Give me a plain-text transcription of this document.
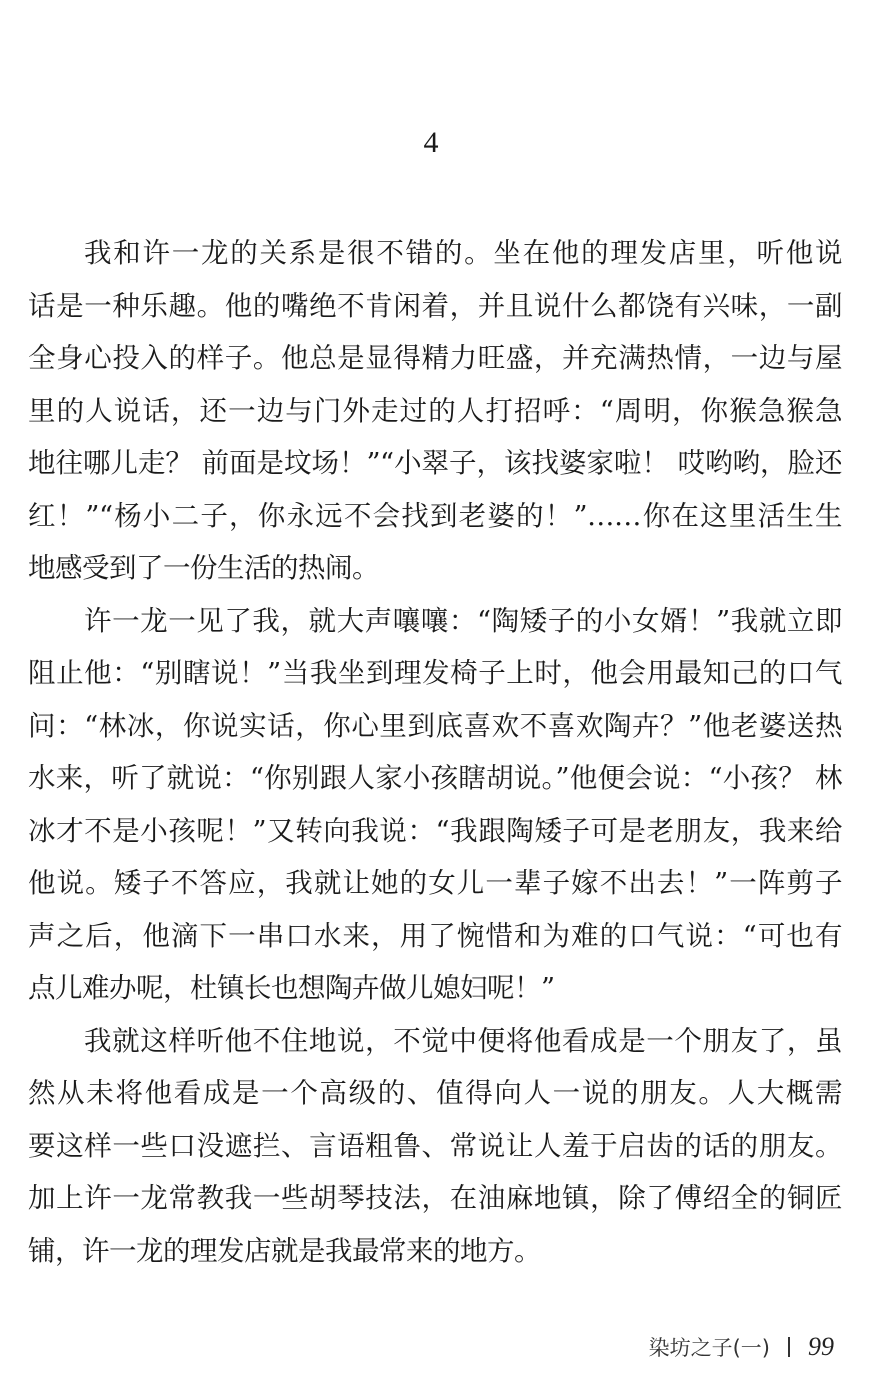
4
我和许一龙的关系是很不错的。坐在他的理发店里，听他说
话是一种乐趣。他的嘴绝不肯闲着，并且说什么都饶有兴味，一副
全身心投入的样子。他总是显得精力旺盛，并充满热情，一边与屋
里的人说话，还一边与门外走过的人打招呼：“周明，你猴急猴急
地往哪儿走？ 前面是坟场！”“小翠子，该找婆家啦！ 哎哟哟，脸还
红！”“杨小二子，你永远不会找到老婆的！”……你在这里活生生
地感受到了一份生活的热闹。
许一龙一见了我，就大声嚷嚷：“陶矮子的小女婿！”我就立即
阻止他：“别瞎说！”当我坐到理发椅子上时，他会用最知己的口气
问：“林冰，你说实话，你心里到底喜欢不喜欢陶卉？”他老婆送热
水来，听了就说：“你别跟人家小孩瞎胡说。”他便会说：“小孩？ 林
冰才不是小孩呢！”又转向我说：“我跟陶矮子可是老朋友，我来给
他说。矮子不答应，我就让她的女儿一辈子嫁不出去！”一阵剪子
声之后，他滴下一串口水来，用了惋惜和为难的口气说：“可也有
点儿难办呢，杜镇长也想陶卉做儿媳妇呢！”
我就这样听他不住地说，不觉中便将他看成是一个朋友了，虽
然从未将他看成是一个高级的、值得向人一说的朋友。人大概需
要这样一些口没遮拦、言语粗鲁、常说让人羞于启齿的话的朋友。
加上许一龙常教我一些胡琴技法，在油麻地镇，除了傅绍全的铜匠
铺，许一龙的理发店就是我最常来的地方。
染坊之子(一) 99
